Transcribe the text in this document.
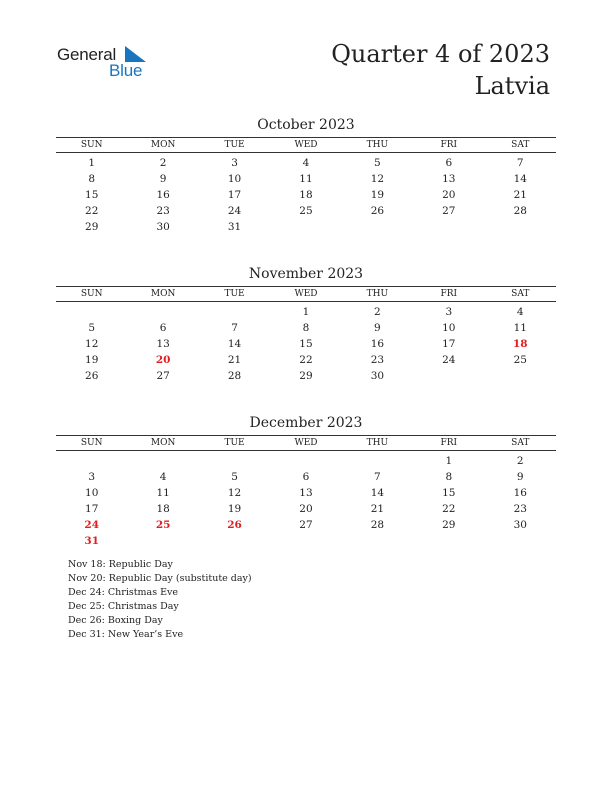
General
Blue
Quarter 4 of 2023
Latvia
October 2023
SUN	MON	TUE	WED	THU	FRI	SAT

1	2	3	4	5	6	7
8	9	10	11	12	13	14
15	16	17	18	19	20	21
22	23	24	25	26	27	28
29	30	31				
November 2023
SUN	MON	TUE	WED	THU	FRI	SAT

			1	2	3	4
5	6	7	8	9	10	11
12	13	14	15	16	17	18
19	20	21	22	23	24	25
26	27	28	29	30		
December 2023
SUN	MON	TUE	WED	THU	FRI	SAT

					1	2
3	4	5	6	7	8	9
10	11	12	13	14	15	16
17	18	19	20	21	22	23
24	25	26	27	28	29	30
31						
Nov 18: Republic Day
Nov 20: Republic Day (substitute day)
Dec 24: Christmas Eve
Dec 25: Christmas Day
Dec 26: Boxing Day
Dec 31: New Year’s Eve
